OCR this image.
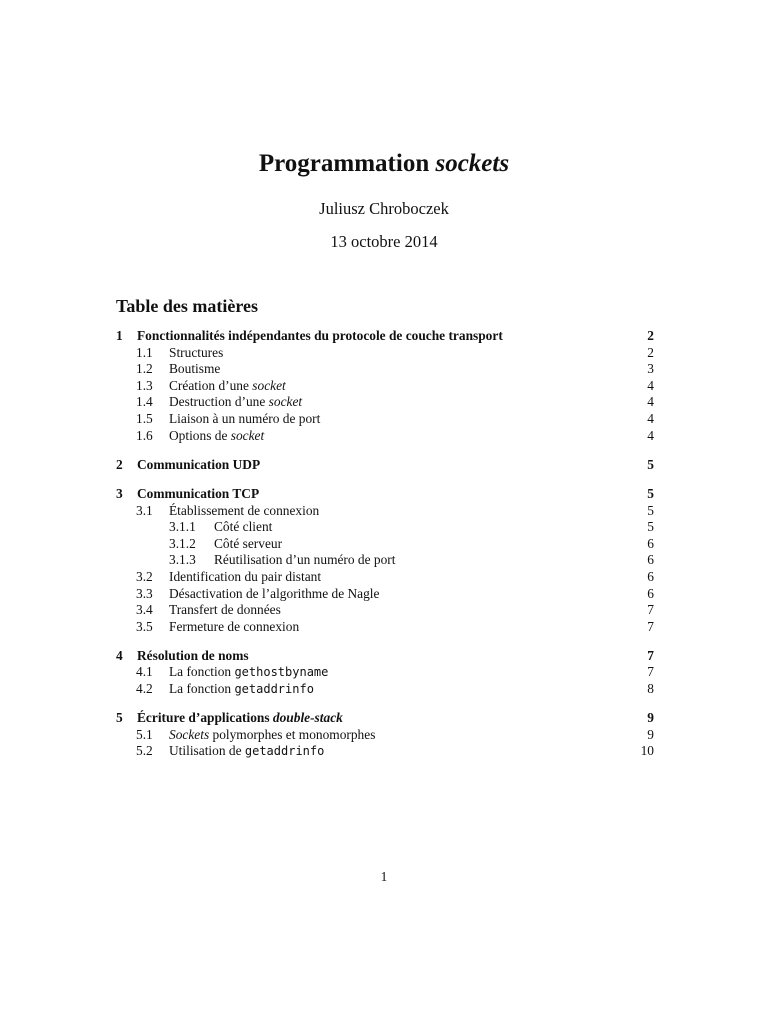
Programmation sockets
Juliusz Chroboczek
13 octobre 2014
Table des matières
1 Fonctionnalités indépendantes du protocole de couche transport	2
1.1 Structures	2
1.2 Boutisme	3
1.3 Création d’une socket	4
1.4 Destruction d’une socket	4
1.5 Liaison à un numéro de port	4
1.6 Options de socket	4
2 Communication UDP	5
3 Communication TCP	5
3.1 Établissement de connexion	5
3.1.1 Côté client	5
3.1.2 Côté serveur	6
3.1.3 Réutilisation d’un numéro de port	6
3.2 Identification du pair distant	6
3.3 Désactivation de l’algorithme de Nagle	6
3.4 Transfert de données	7
3.5 Fermeture de connexion	7
4 Résolution de noms	7
4.1 La fonction gethostbyname	7
4.2 La fonction getaddrinfo	8
5 Écriture d’applications double-stack	9
5.1 Sockets polymorphes et monomorphes	9
5.2 Utilisation de getaddrinfo	10
1
